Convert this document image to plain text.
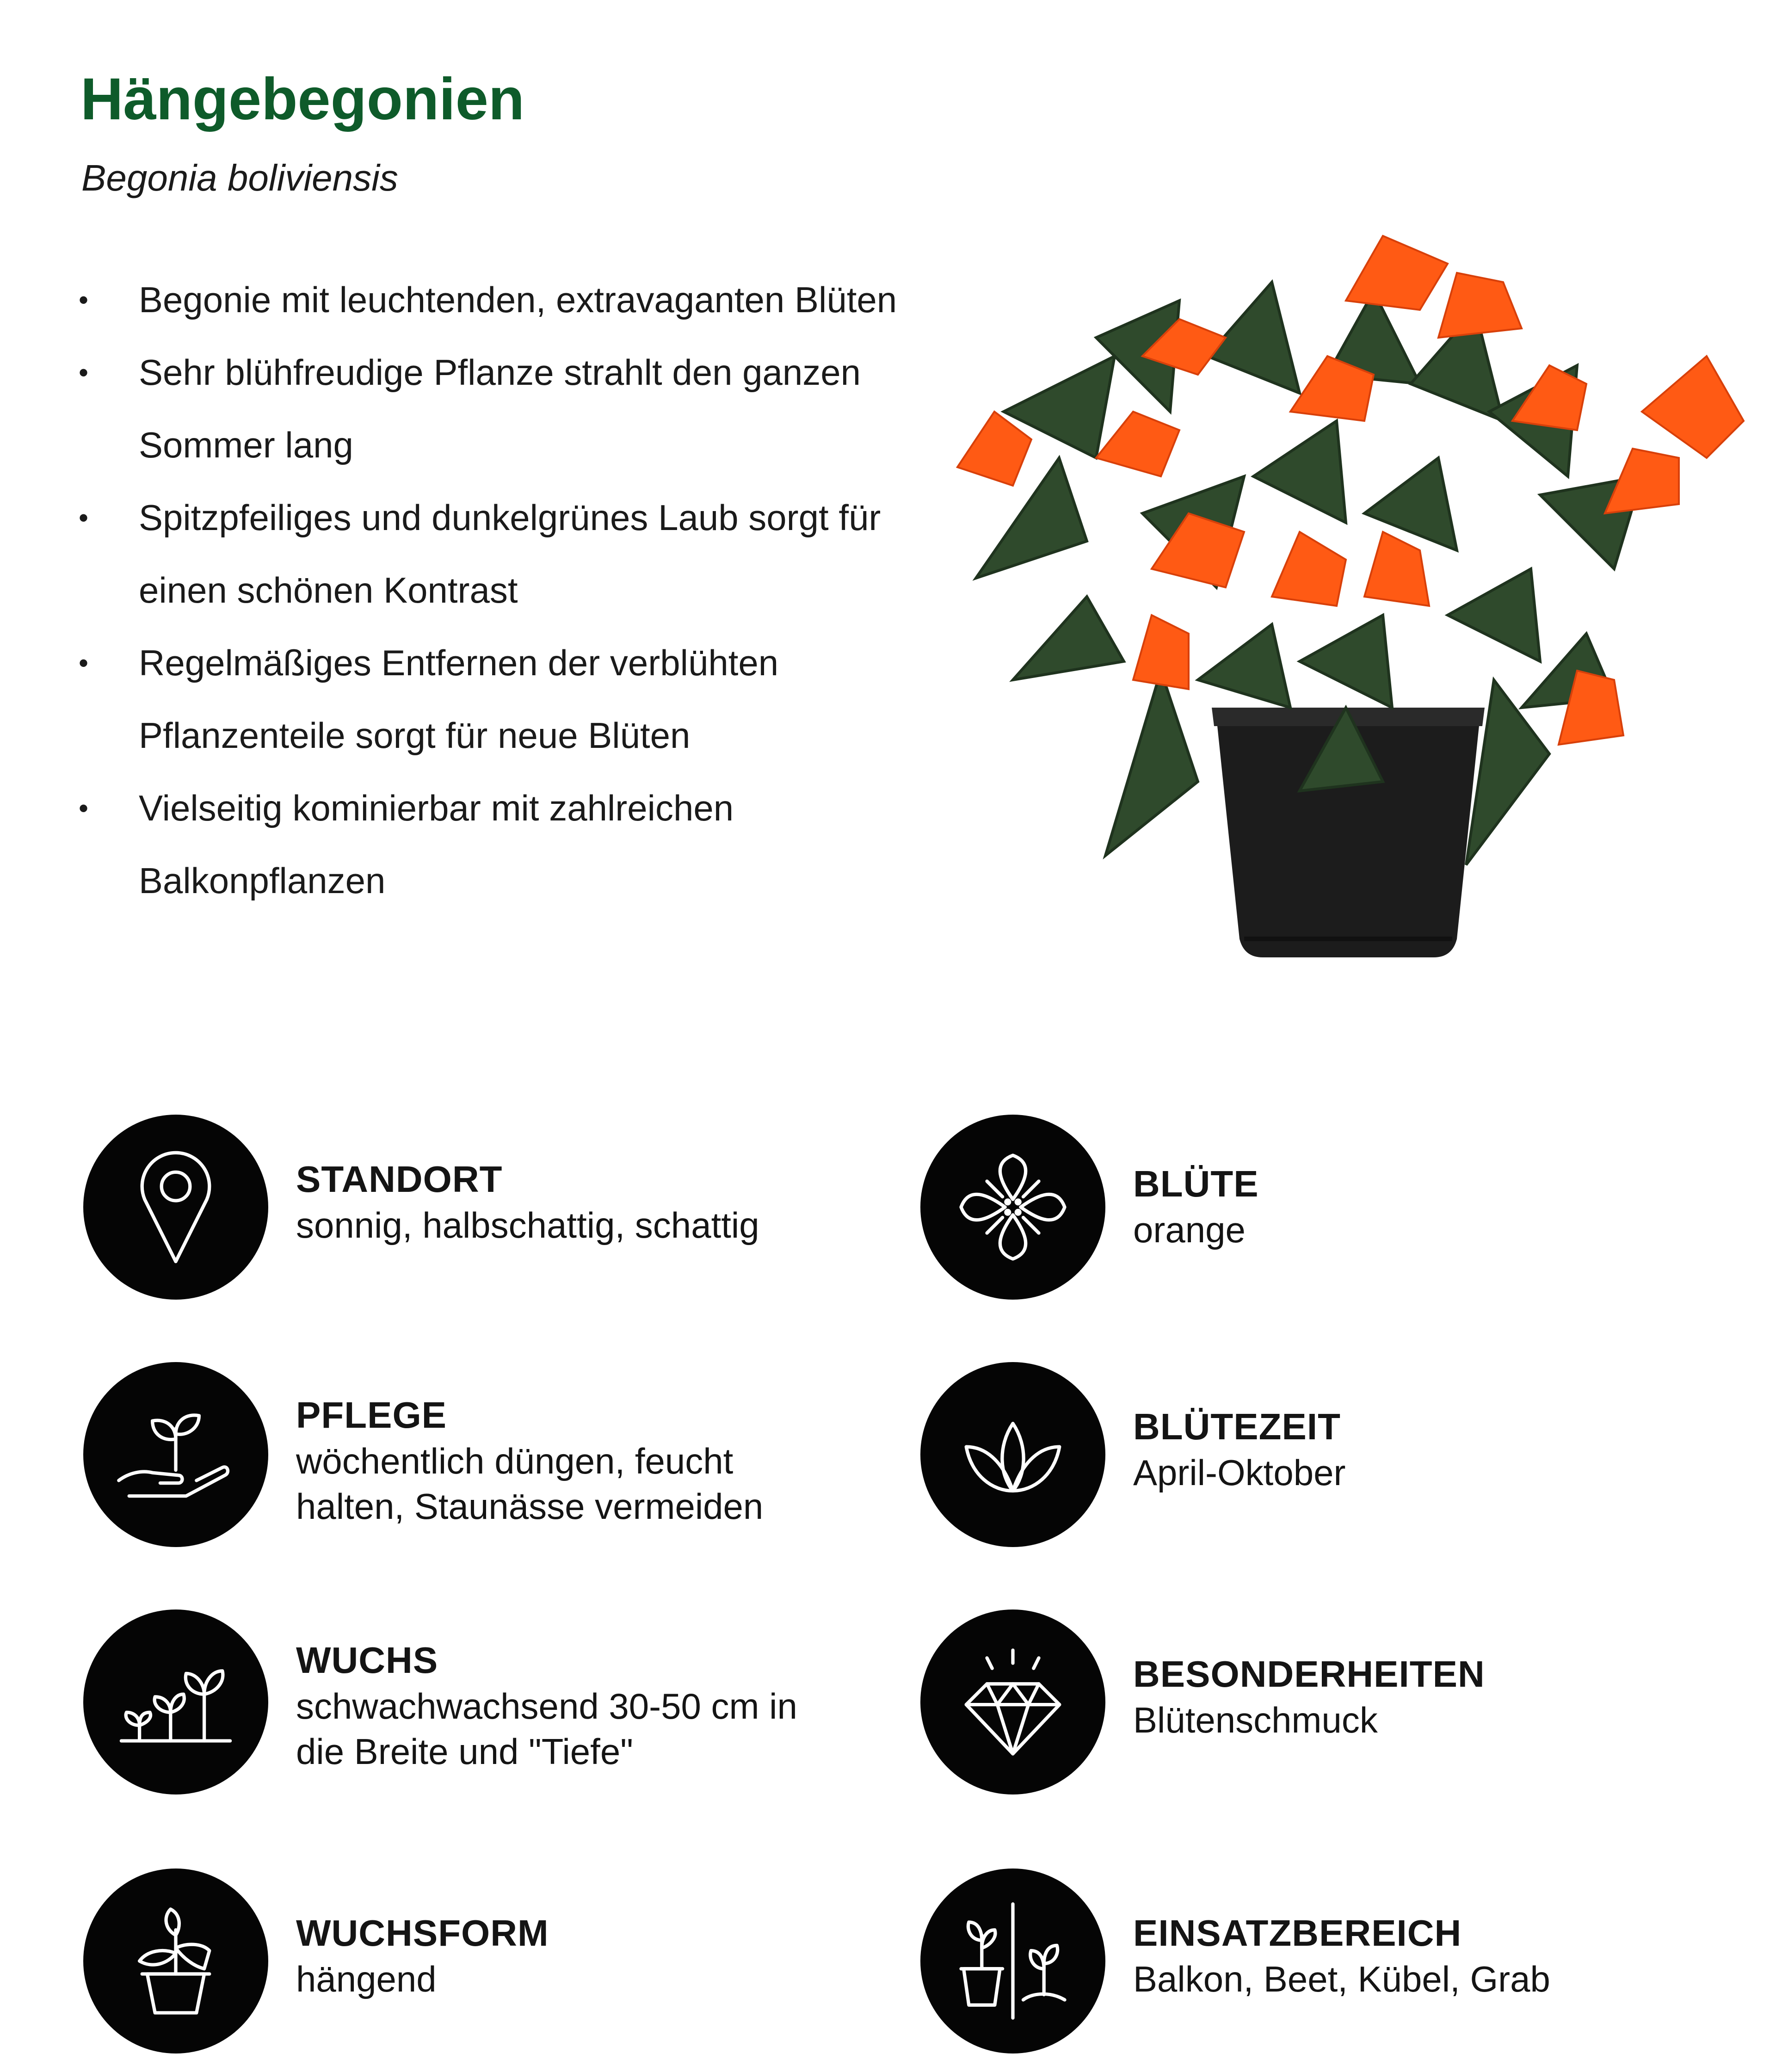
Hängebegonien

Begonia boliviensis

• Begonie mit leuchtenden, extravaganten Blüten
• Sehr blühfreudige Pflanze strahlt den ganzen Sommer lang
• Spitzpfeiliges und dunkelgrünes Laub sorgt für einen schönen Kontrast
• Regelmäßiges Entfernen der verblühten Pflanzenteile sorgt für neue Blüten
• Vielseitig kominierbar mit zahlreichen Balkonpflanzen
STANDORT
sonnig, halbschattig, schattig
PFLEGE
wöchentlich düngen, feucht
halten, Staunässe vermeiden
WUCHS
schwachwachsend 30-50 cm in
die Breite und "Tiefe"
WUCHSFORM
hängend
BLÜTE
orange
BLÜTEZEIT
April-Oktober
BESONDERHEITEN
Blütenschmuck
EINSATZBEREICH
Balkon, Beet, Kübel, Grab
